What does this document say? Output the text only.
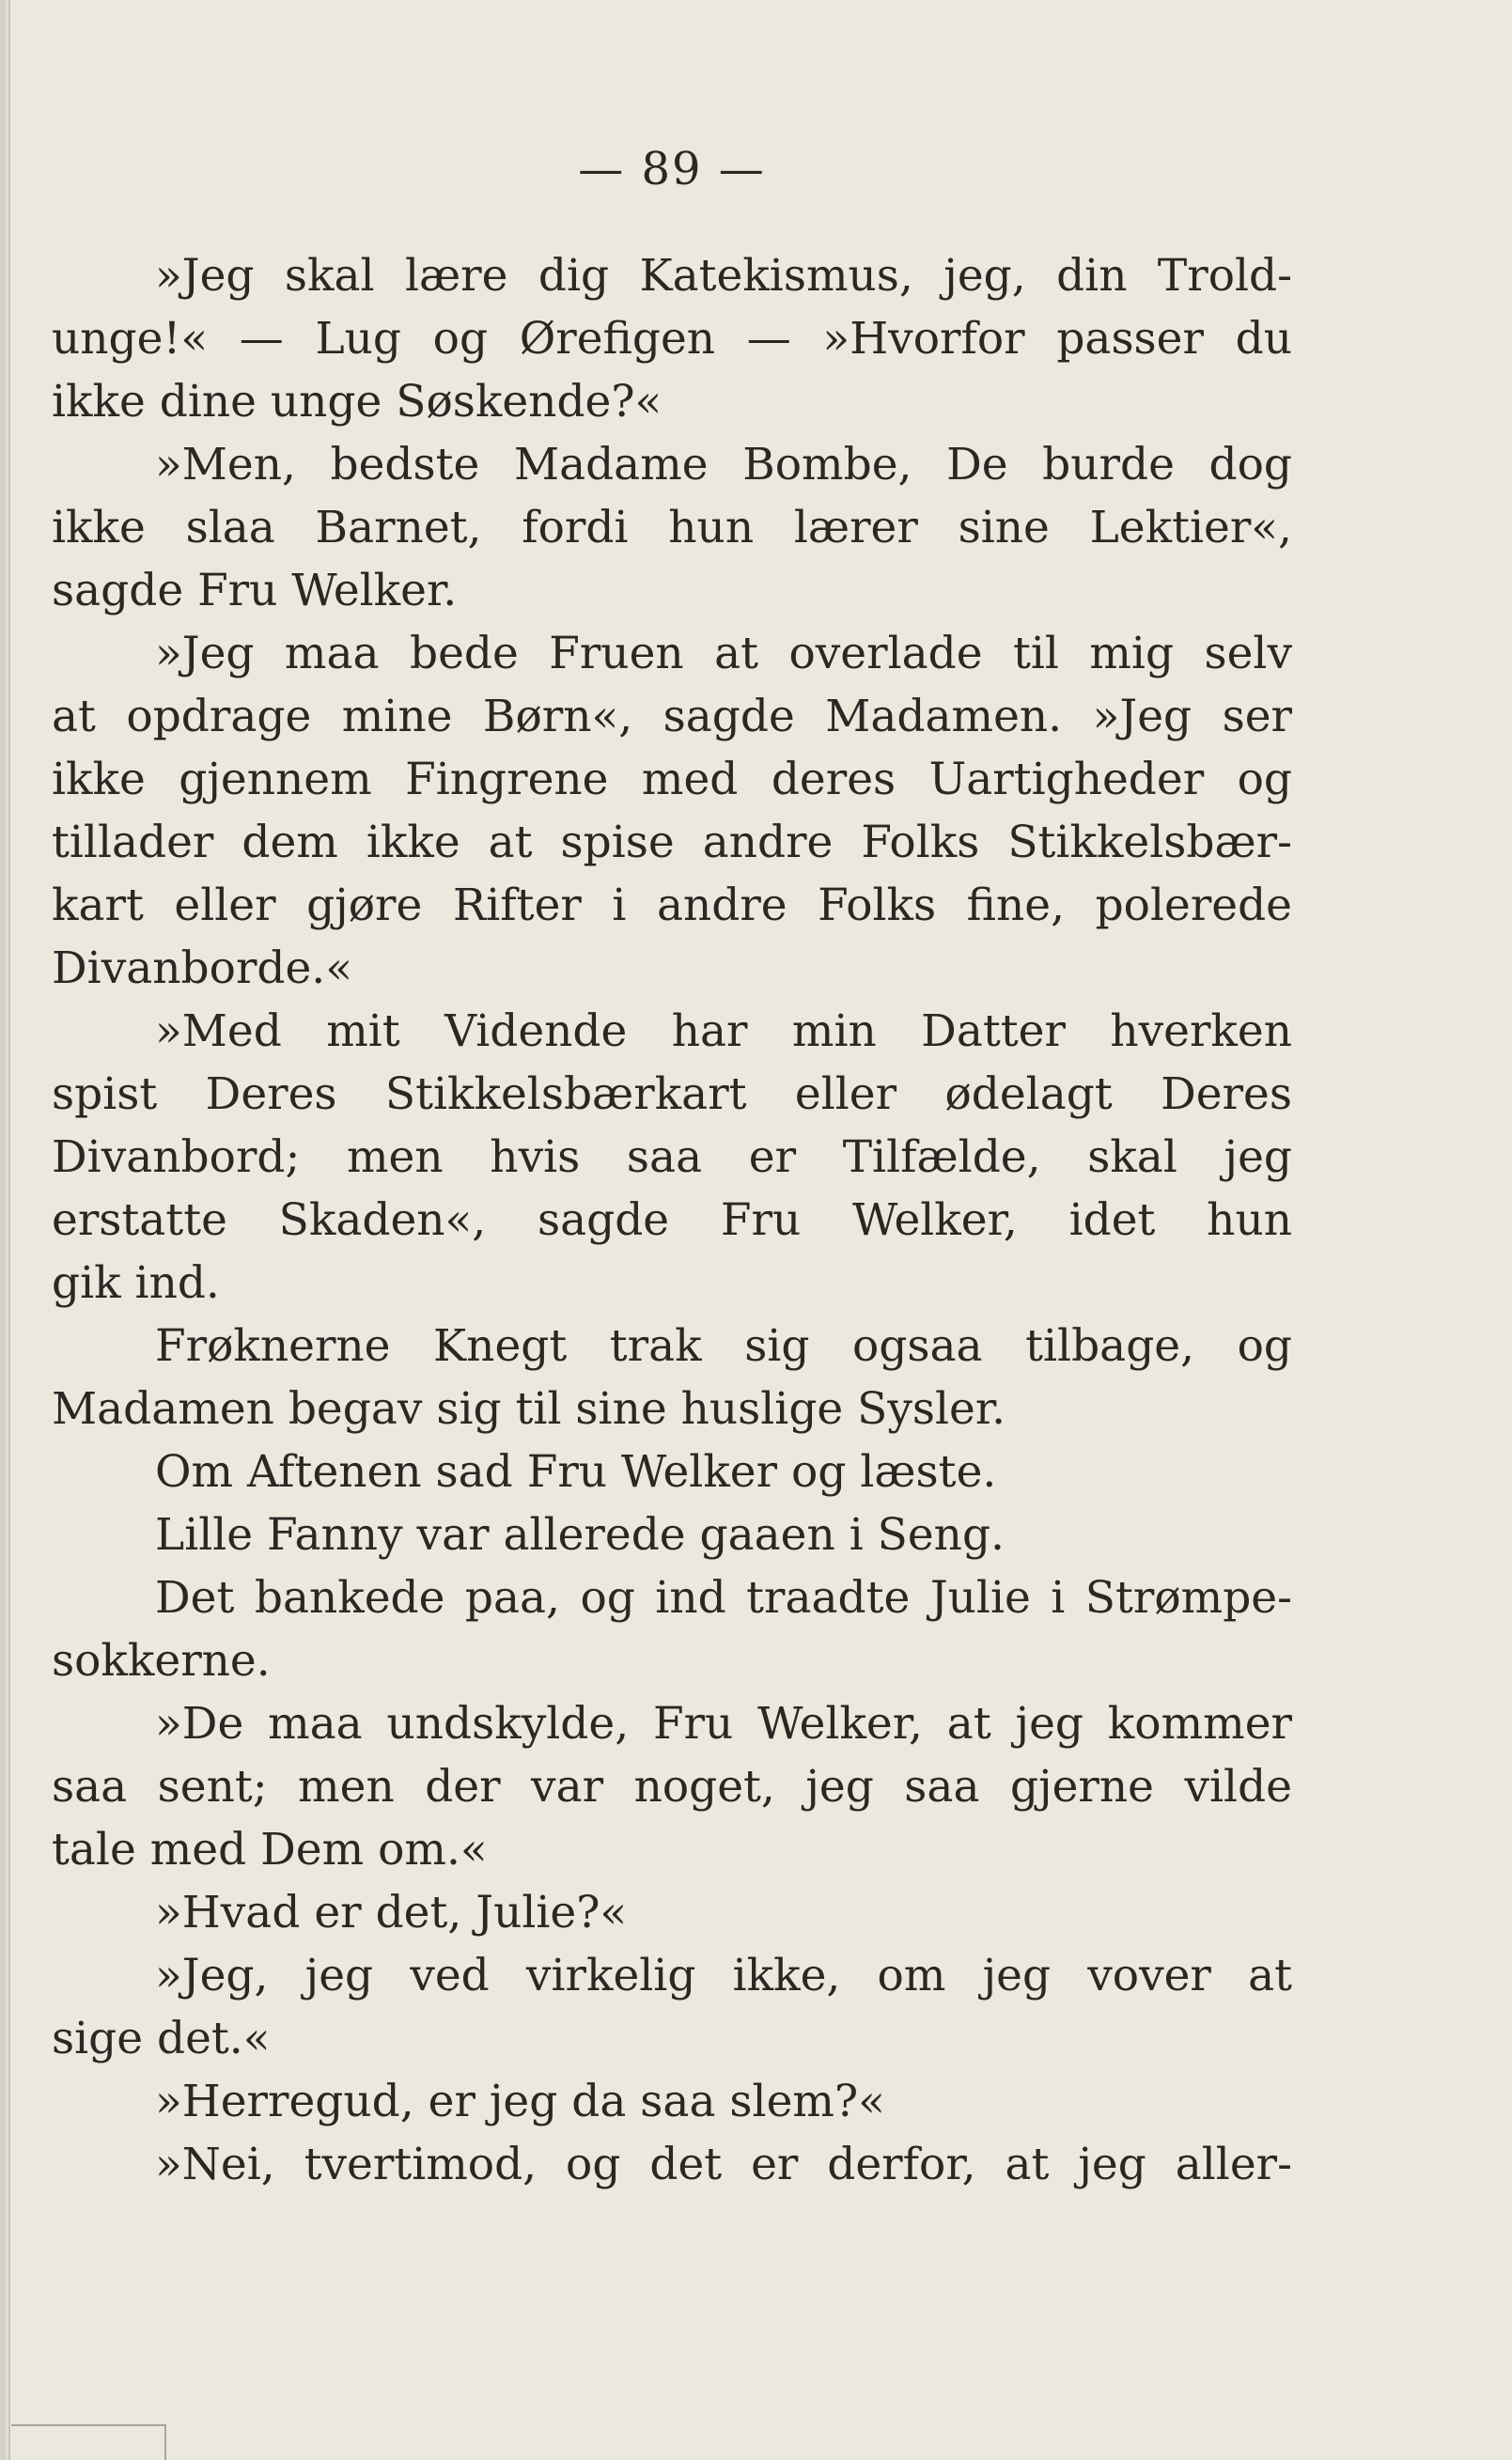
— 89 —
»Jeg skal lære dig Katekismus, jeg, din Trold-
unge!« — Lug og Ørefigen — »Hvorfor passer du
ikke dine unge Søskende?«
»Men, bedste Madame Bombe, De burde dog
ikke slaa Barnet, fordi hun lærer sine Lektier«,
sagde Fru Welker.
»Jeg maa bede Fruen at overlade til mig selv
at opdrage mine Børn«, sagde Madamen. »Jeg ser
ikke gjennem Fingrene med deres Uartigheder og
tillader dem ikke at spise andre Folks Stikkelsbær-
kart eller gjøre Rifter i andre Folks fine, polerede
Divanborde.«
»Med mit Vidende har min Datter hverken
spist Deres Stikkelsbærkart eller ødelagt Deres
Divanbord; men hvis saa er Tilfælde, skal jeg
erstatte Skaden«, sagde Fru Welker, idet hun
gik ind.
Frøknerne Knegt trak sig ogsaa tilbage, og
Madamen begav sig til sine huslige Sysler.
Om Aftenen sad Fru Welker og læste.
Lille Fanny var allerede gaaen i Seng.
Det bankede paa, og ind traadte Julie i Strømpe-
sokkerne.
»De maa undskylde, Fru Welker, at jeg kommer
saa sent; men der var noget, jeg saa gjerne vilde
tale med Dem om.«
»Hvad er det, Julie?«
»Jeg, jeg ved virkelig ikke, om jeg vover at
sige det.«
»Herregud, er jeg da saa slem?«
»Nei, tvertimod, og det er derfor, at jeg aller-
